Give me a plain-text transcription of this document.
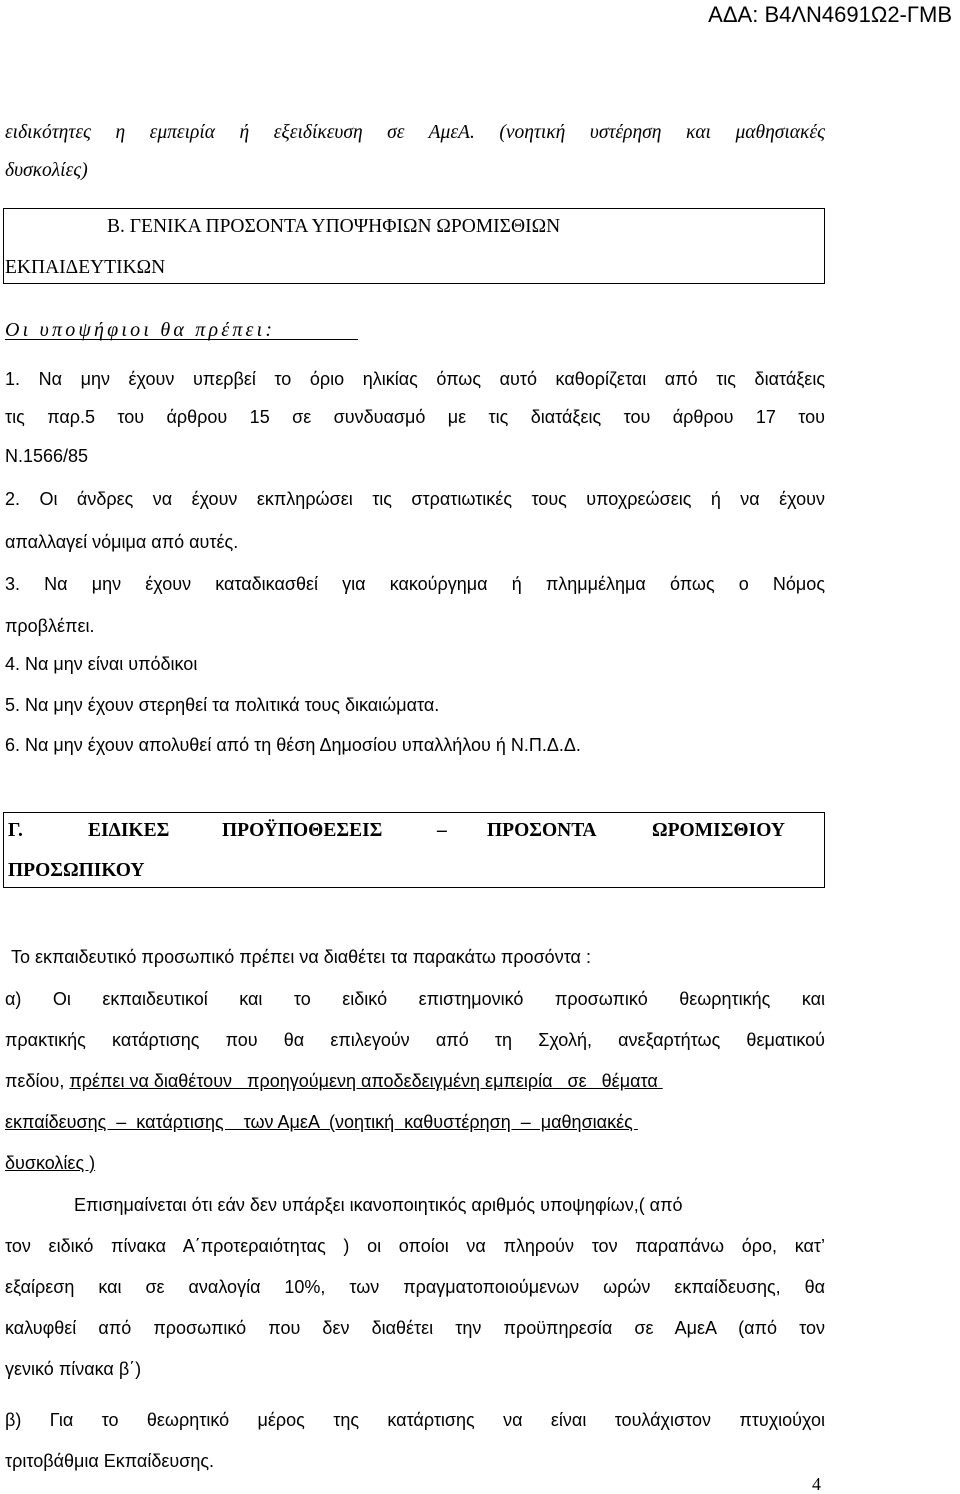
ΑΔΑ: Β4ΛΝ4691Ω2-ΓΜΒ
ειδικότητες η εμπειρία ή εξειδίκευση σε ΑμεΑ. (νοητική υστέρηση και μαθησιακές
δυσκολίες)
Β. ΓΕΝΙΚΑ ΠΡΟΣΟΝΤΑ ΥΠΟΨΗΦΙΩΝ ΩΡΟΜΙΣΘΙΩΝ
ΕΚΠΑΙΔΕΥΤΙΚΩΝ
Οι υποψήφιοι θα πρέπει:
1. Να μην έχουν υπερβεί το όριο ηλικίας όπως αυτό καθορίζεται από τις διατάξεις
τις παρ.5 του άρθρου 15 σε συνδυασμό με τις διατάξεις του άρθρου 17 του
Ν.1566/85
2. Οι άνδρες να έχουν εκπληρώσει τις στρατιωτικές τους υποχρεώσεις ή να έχουν
απαλλαγεί νόμιμα από αυτές.
3. Να μην έχουν καταδικασθεί για κακούργημα ή πλημμέλημα όπως ο Νόμος
προβλέπει.
4. Να μην είναι υπόδικοι
5. Να μην έχουν στερηθεί τα πολιτικά τους δικαιώματα.
6. Να μην έχουν απολυθεί από τη θέση Δημοσίου υπαλλήλου ή Ν.Π.Δ.Δ.
Γ.	ΕΙΔΙΚΕΣ	ΠΡΟΫΠΟΘΕΣΕΙΣ	– ΠΡΟΣΟΝΤΑ	ΩΡΟΜΙΣΘΙΟΥ
ΠΡΟΣΩΠΙΚΟΥ
Το εκπαιδευτικό προσωπικό πρέπει να διαθέτει τα παρακάτω προσόντα :
α) Οι εκπαιδευτικοί και το ειδικό επιστημονικό προσωπικό θεωρητικής και
πρακτικής κατάρτισης που θα επιλεγούν από τη Σχολή, ανεξαρτήτως θεματικού
πεδίου, πρέπει να διαθέτουν   προηγούμενη αποδεδειγμένη εμπειρία   σε   θέματα
εκπαίδευσης  –  κατάρτισης    των ΑμεΑ  (νοητική  καθυστέρηση  –  μαθησιακές
δυσκολίες )
Επισημαίνεται ότι εάν δεν υπάρξει ικανοποιητικός αριθμός υποψηφίων,( από
τον ειδικό πίνακα Α΄προτεραιότητας ) οι οποίοι να πληρούν τον παραπάνω όρο, κατ’
εξαίρεση και σε αναλογία 10%, των πραγματοποιούμενων ωρών εκπαίδευσης, θα
καλυφθεί από προσωπικό που δεν διαθέτει την προϋπηρεσία σε ΑμεΑ (από τον
γενικό πίνακα β΄)
β) Για το θεωρητικό μέρος της κατάρτισης να είναι τουλάχιστον πτυχιούχοι
τριτοβάθμια Εκπαίδευσης.
4
